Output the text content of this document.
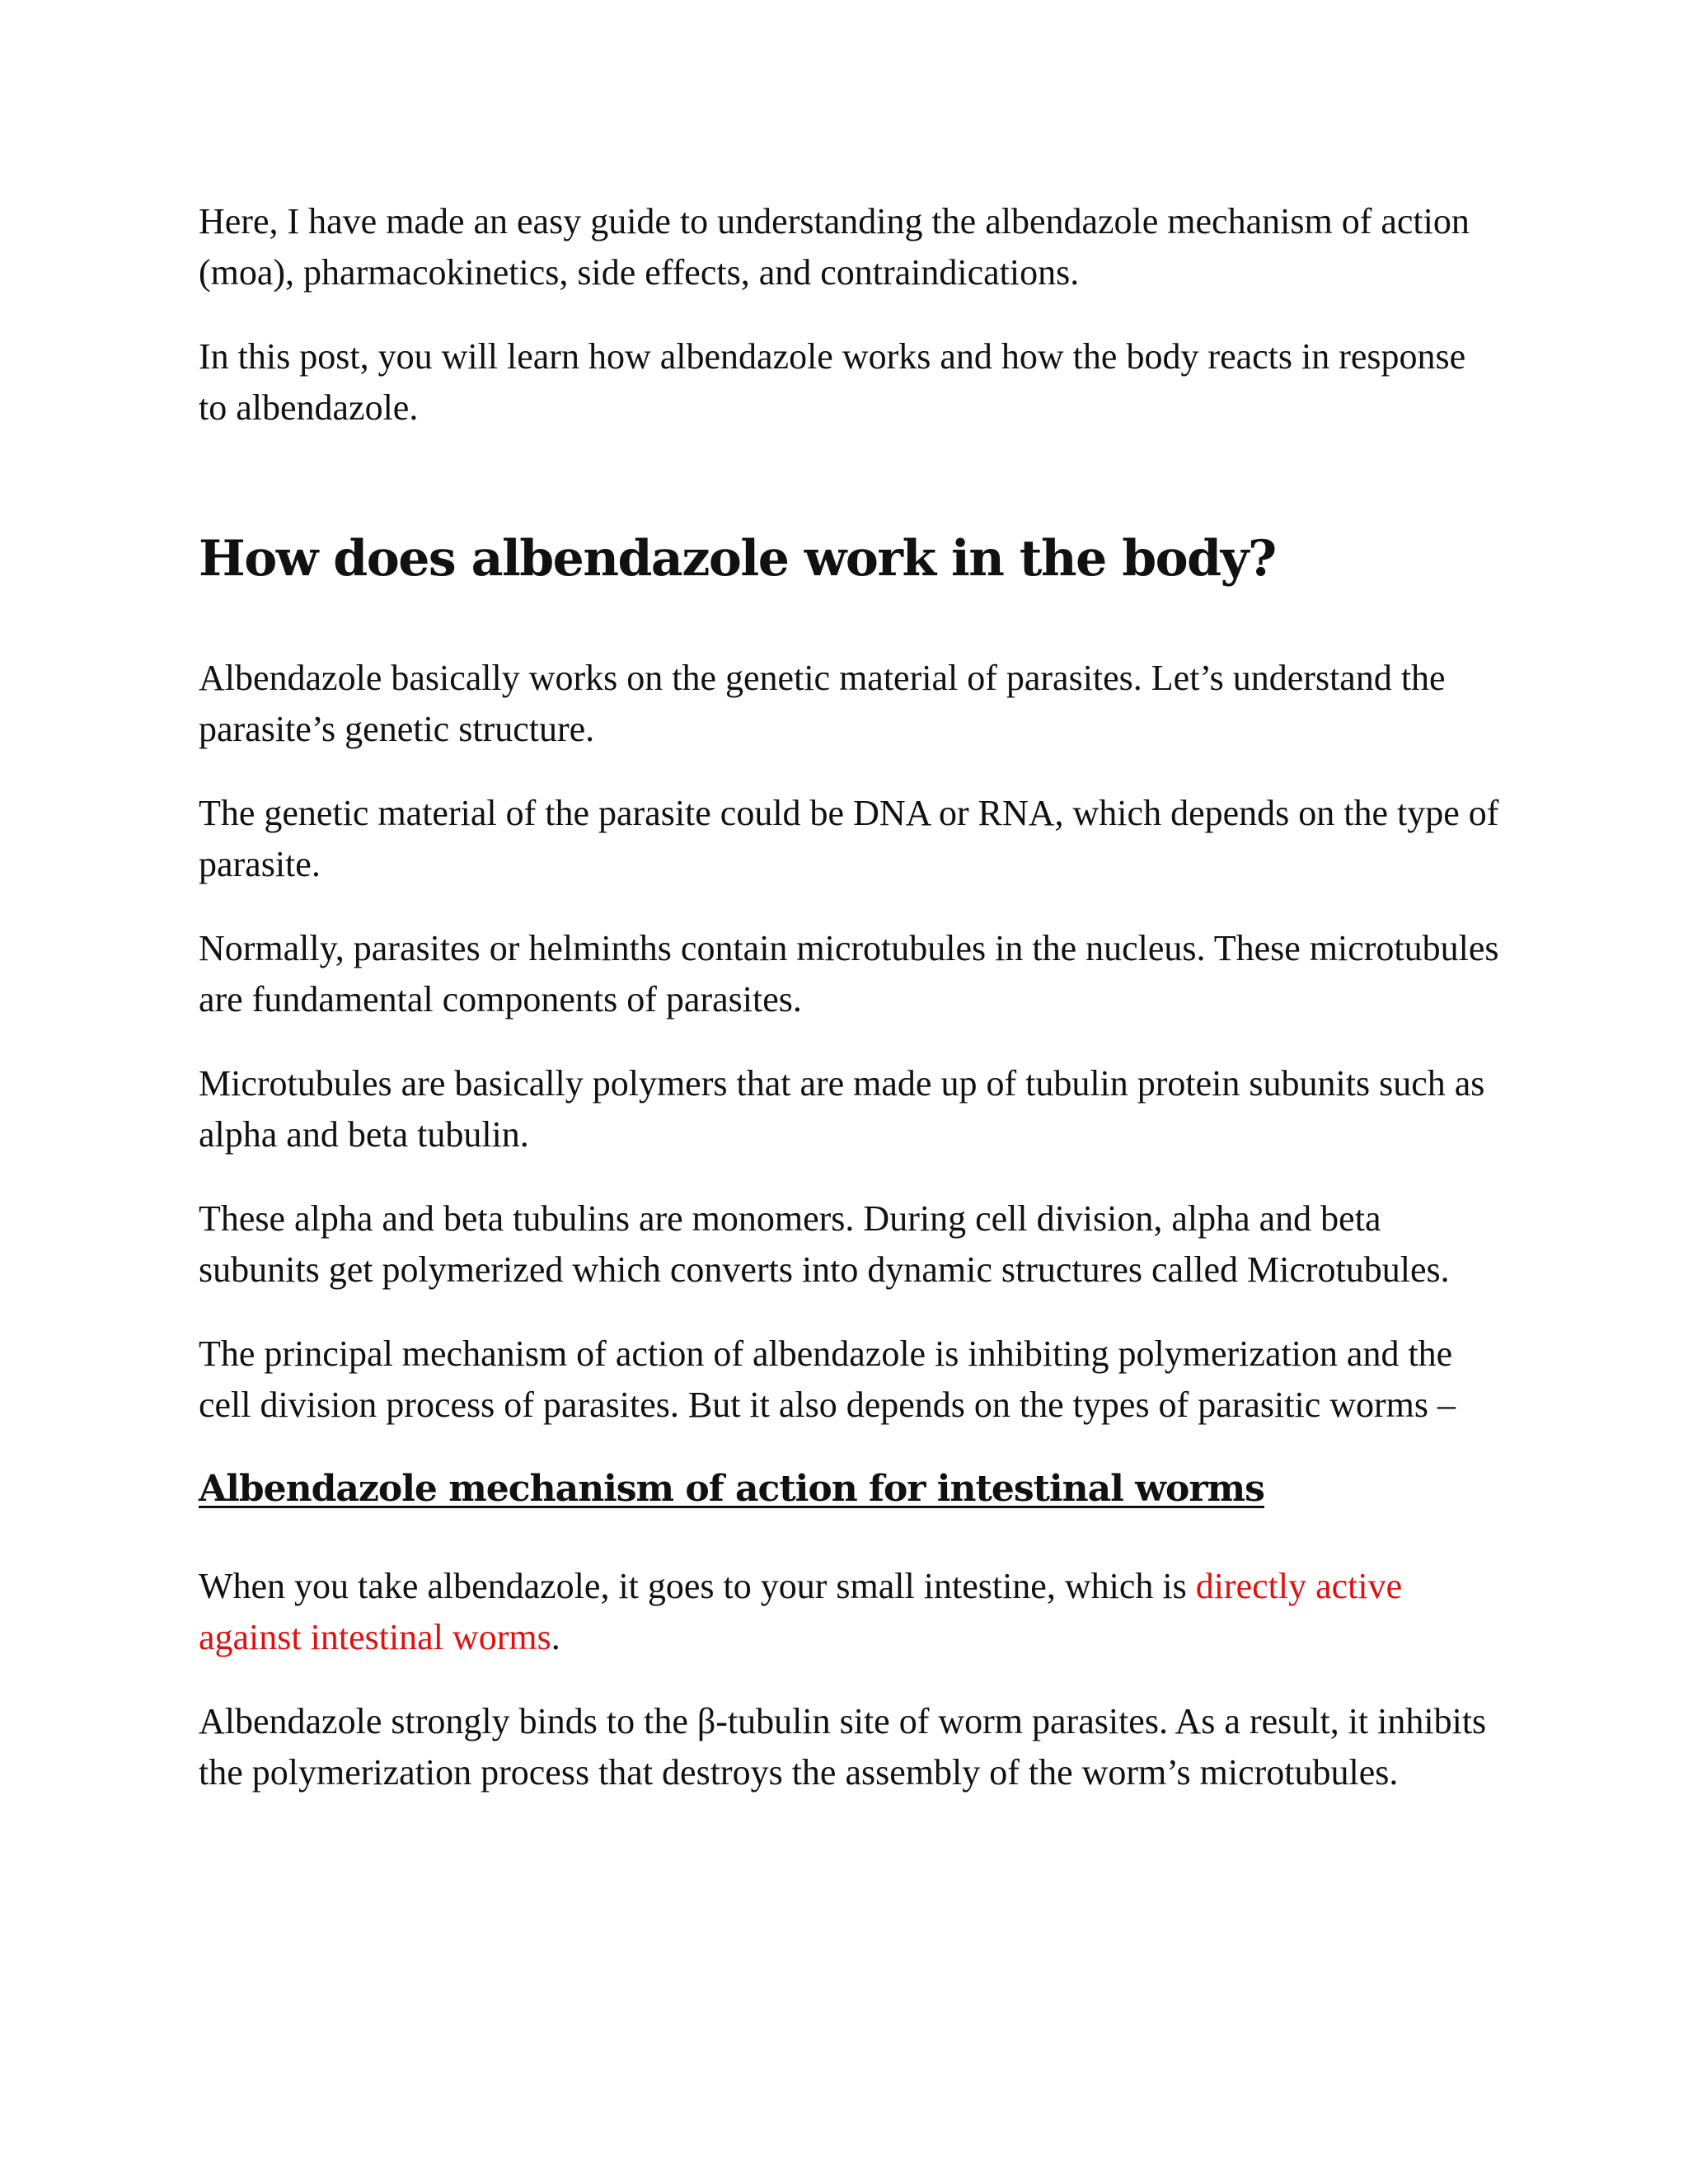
Here, I have made an easy guide to understanding the albendazole mechanism of action (moa), pharmacokinetics, side effects, and contraindications.

In this post, you will learn how albendazole works and how the body reacts in response to albendazole.

How does albendazole work in the body?

Albendazole basically works on the genetic material of parasites. Let’s understand the parasite’s genetic structure.

The genetic material of the parasite could be DNA or RNA, which depends on the type of parasite.

Normally, parasites or helminths contain microtubules in the nucleus. These microtubules are fundamental components of parasites.

Microtubules are basically polymers that are made up of tubulin protein subunits such as alpha and beta tubulin.

These alpha and beta tubulins are monomers. During cell division, alpha and beta subunits get polymerized which converts into dynamic structures called Microtubules.

The principal mechanism of action of albendazole is inhibiting polymerization and the cell division process of parasites. But it also depends on the types of parasitic worms –

Albendazole mechanism of action for intestinal worms

When you take albendazole, it goes to your small intestine, which is directly active against intestinal worms.

Albendazole strongly binds to the β-tubulin site of worm parasites. As a result, it inhibits the polymerization process that destroys the assembly of the worm’s microtubules.
